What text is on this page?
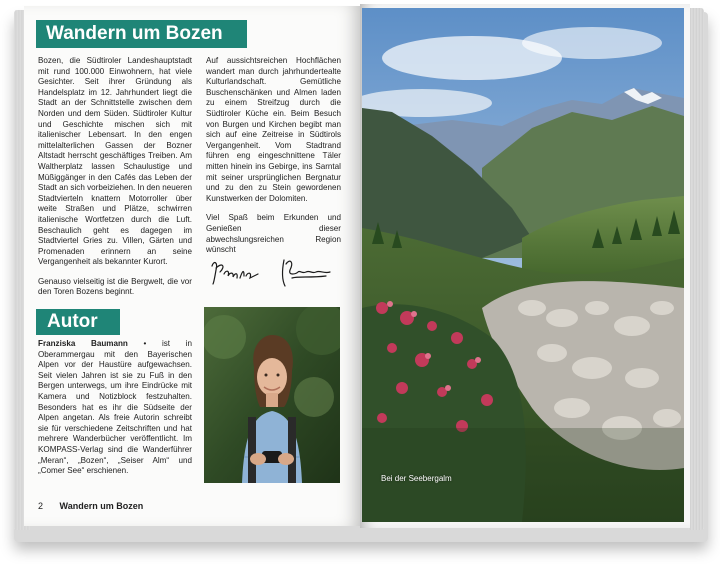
Wandern um Bozen

Bozen, die Südtiroler Landeshauptstadt mit rund 100.000 Einwohnern, hat viele Gesichter. Seit ihrer Gründung als Handelsplatz im 12. Jahrhundert liegt die Stadt an der Schnittstelle zwischen dem Norden und dem Süden. Südtiroler Kultur und Geschichte mischen sich mit italienischer Lebensart. In den engen mittelalterlichen Gassen der Bozner Altstadt herrscht geschäftiges Treiben. Am Waltherplatz lassen Schaulustige und Müßiggänger in den Cafés das Leben der Stadt an sich vorbeiziehen. In den neueren Stadtvierteln knattern Motorroller über weite Straßen und Plätze, schwirren italienische Wortfetzen durch die Luft. Beschaulich geht es dagegen im Stadtviertel Gries zu. Villen, Gärten und Promenaden erinnern an seine Vergangenheit als bekannter Kurort.

Genauso vielseitig ist die Bergwelt, die vor den Toren Bozens beginnt.

Auf aussichtsreichen Hochflächen wandert man durch jahrhundertealte Kulturlandschaft. Gemütliche Buschenschänken und Almen laden zu einem Streifzug durch die Südtiroler Küche ein. Beim Besuch von Burgen und Kirchen begibt man sich auf eine Zeitreise in Südtirols Vergangenheit. Vom Stadtrand führen eng eingeschnittene Täler mitten hinein ins Gebirge, ins Sarntal mit seiner ursprünglichen Bergnatur und zu den zu Stein gewordenen Kunstwerken der Dolomiten.

Viel Spaß beim Erkunden und Genießen dieser abwechslungsreichen Region wünscht

Autor
Franziska Baumann • ist in Oberammergau mit den Bayerischen Alpen vor der Haustüre aufgewachsen. Seit vielen Jahren ist sie zu Fuß in den Bergen unterwegs, um ihre Eindrücke mit Kamera und Notizblock festzuhalten. Besonders hat es ihr die Südseite der Alpen angetan. Als freie Autorin schreibt sie für verschiedene Zeitschriften und hat mehrere Wanderbücher veröffentlicht. Im KOMPASS-Verlag sind die Wanderführer „Meran“, „Bozen“, „Seiser Alm“ und „Comer See“ erschienen.
2 Wandern um Bozen
Bei der Seebergalm
